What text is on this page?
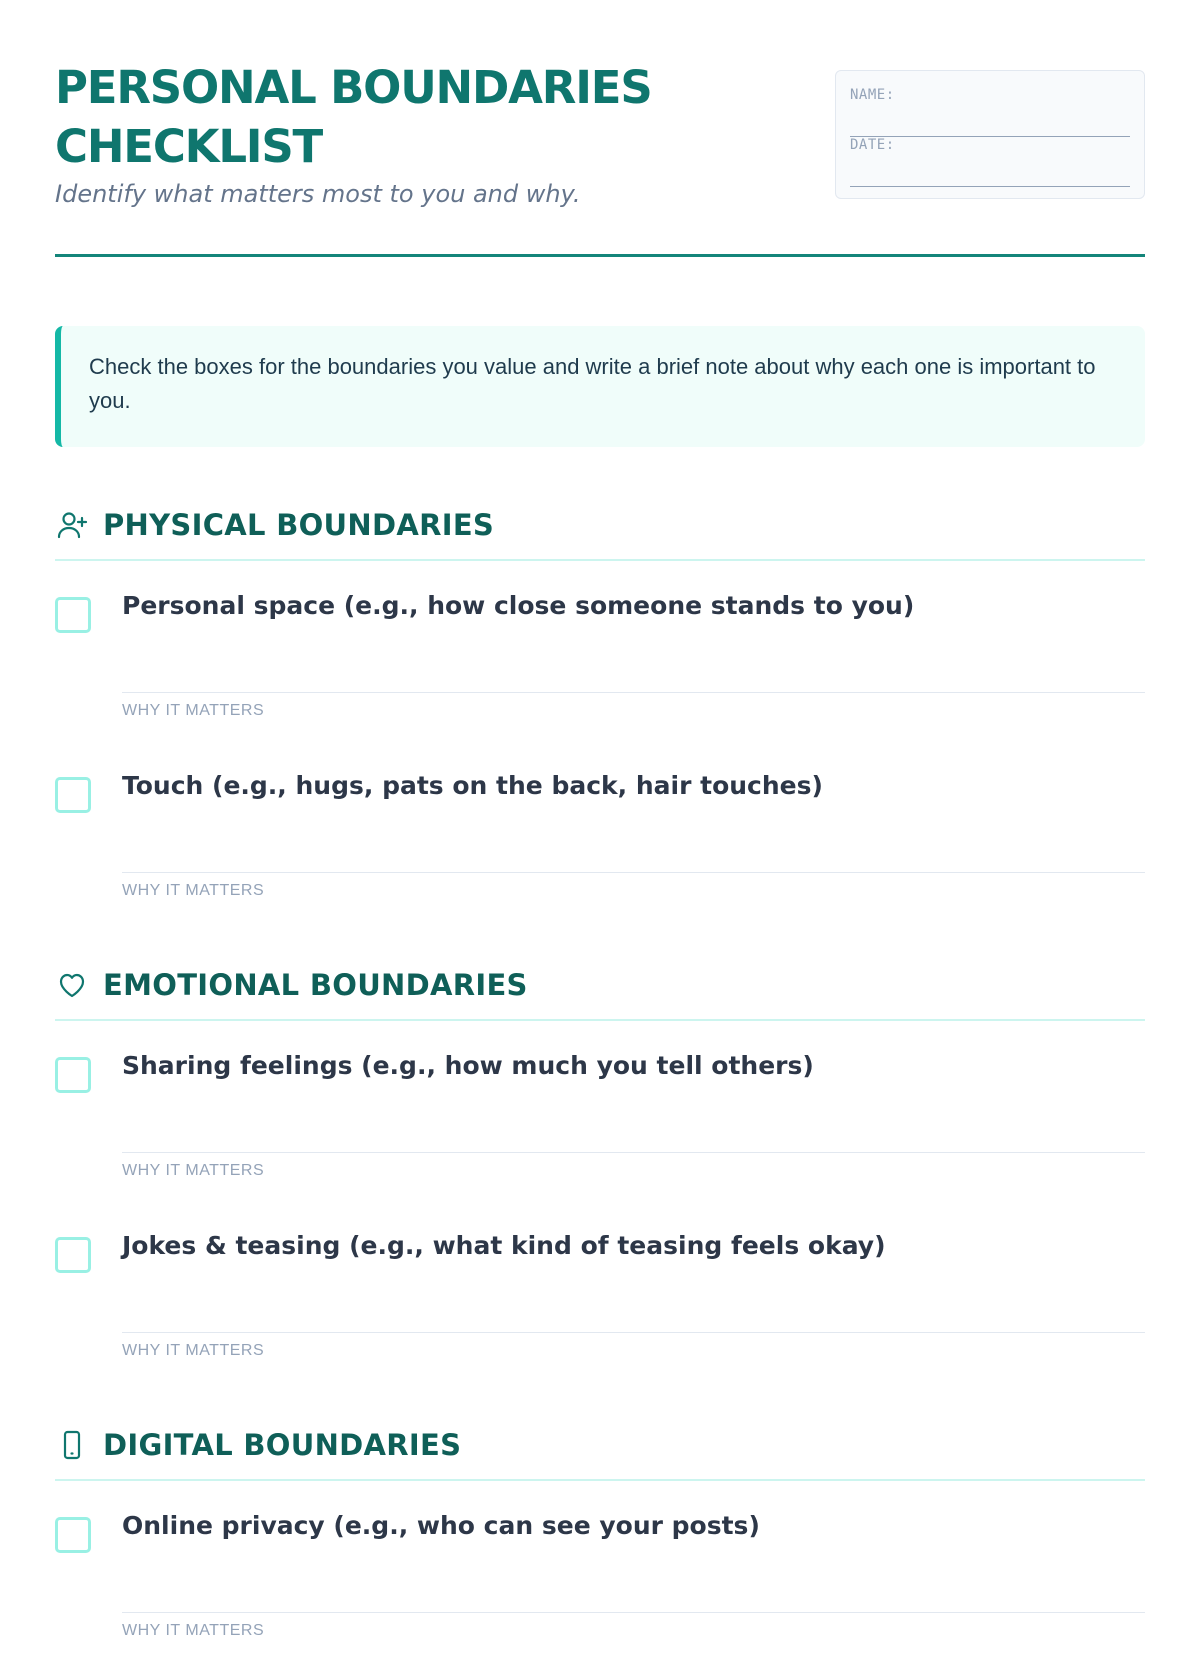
PERSONAL BOUNDARIES CHECKLIST

Identify what matters most to you and why.

NAME:
DATE:
Check the boxes for the boundaries you value and write a brief note about why each one is important to you.
PHYSICAL BOUNDARIES
Personal space (e.g., how close someone stands to you)
WHY IT MATTERS
Touch (e.g., hugs, pats on the back, hair touches)
WHY IT MATTERS
EMOTIONAL BOUNDARIES
Sharing feelings (e.g., how much you tell others)
WHY IT MATTERS
Jokes & teasing (e.g., what kind of teasing feels okay)
WHY IT MATTERS
DIGITAL BOUNDARIES
Online privacy (e.g., who can see your posts)
WHY IT MATTERS
